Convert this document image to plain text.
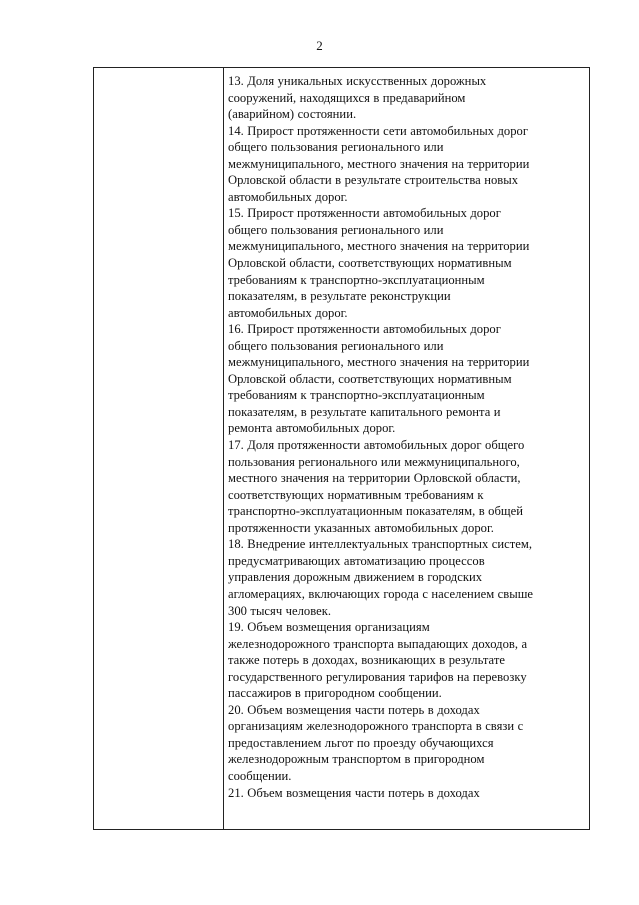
2
13. Доля уникальных искусственных дорожных
сооружений, находящихся в предаварийном
(аварийном) состоянии.
14. Прирост протяженности сети автомобильных дорог
общего пользования регионального или
межмуниципального, местного значения на территории
Орловской области в результате строительства новых
автомобильных дорог.
15. Прирост протяженности автомобильных дорог
общего пользования регионального или
межмуниципального, местного значения на территории
Орловской области, соответствующих нормативным
требованиям к транспортно-эксплуатационным
показателям, в результате реконструкции
автомобильных дорог.
16. Прирост протяженности автомобильных дорог
общего пользования регионального или
межмуниципального, местного значения на территории
Орловской области, соответствующих нормативным
требованиям к транспортно-эксплуатационным
показателям, в результате капитального ремонта и
ремонта автомобильных дорог.
17. Доля протяженности автомобильных дорог общего
пользования регионального или межмуниципального,
местного значения на территории Орловской области,
соответствующих нормативным требованиям к
транспортно-эксплуатационным показателям, в общей
протяженности указанных автомобильных дорог.
18. Внедрение интеллектуальных транспортных систем,
предусматривающих автоматизацию процессов
управления дорожным движением в городских
агломерациях, включающих города с населением свыше
300 тысяч человек.
19. Объем возмещения организациям
железнодорожного транспорта выпадающих доходов, а
также потерь в доходах, возникающих в результате
государственного регулирования тарифов на перевозку
пассажиров в пригородном сообщении.
20. Объем возмещения части потерь в доходах
организациям железнодорожного транспорта в связи с
предоставлением льгот по проезду обучающихся
железнодорожным транспортом в пригородном
сообщении.
21. Объем возмещения части потерь в доходах
